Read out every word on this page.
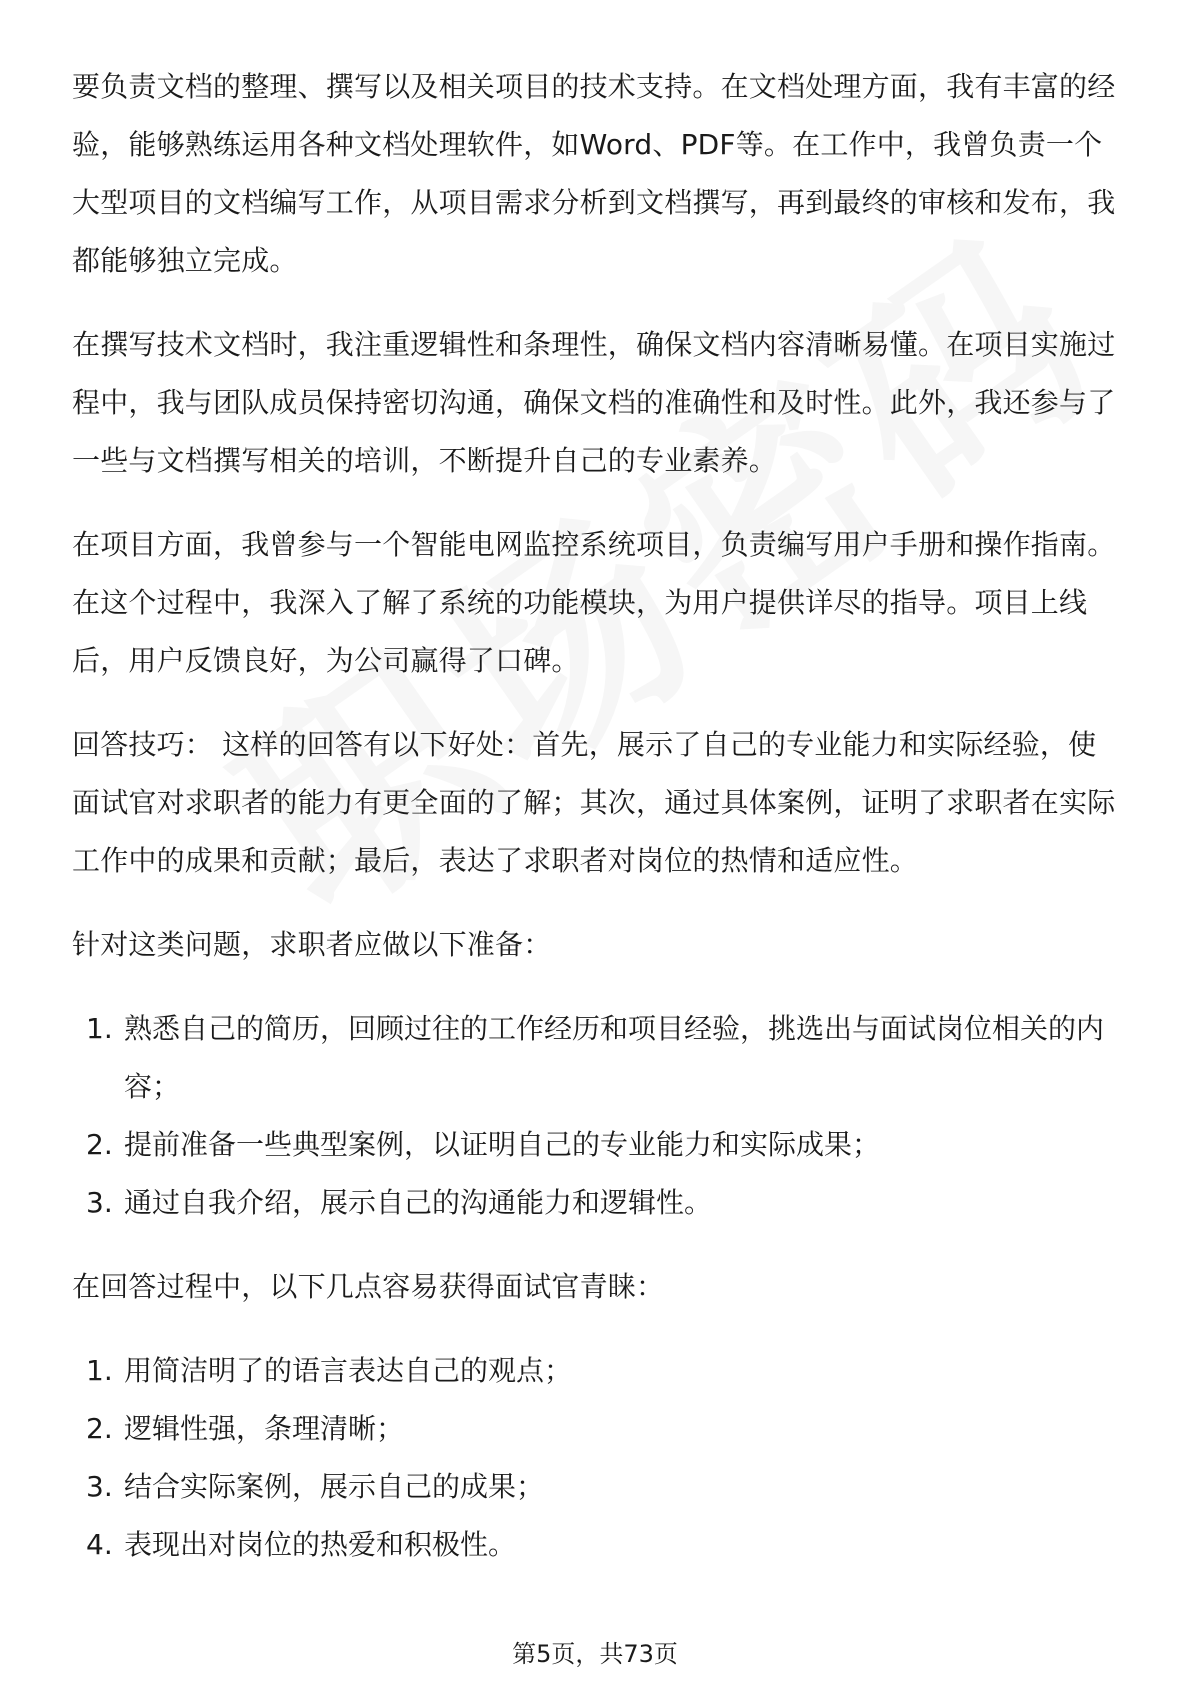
要负责文档的整理、撰写以及相关项目的技术支持。在文档处理方面，我有丰富的经验，能够熟练运用各种文档处理软件，如Word、PDF等。在工作中，我曾负责一个大型项目的文档编写工作，从项目需求分析到文档撰写，再到最终的审核和发布，我都能够独立完成。

在撰写技术文档时，我注重逻辑性和条理性，确保文档内容清晰易懂。在项目实施过程中，我与团队成员保持密切沟通，确保文档的准确性和及时性。此外，我还参与了一些与文档撰写相关的培训，不断提升自己的专业素养。

在项目方面，我曾参与一个智能电网监控系统项目，负责编写用户手册和操作指南。在这个过程中，我深入了解了系统的功能模块，为用户提供详尽的指导。项目上线后，用户反馈良好，为公司赢得了口碑。

回答技巧： 这样的回答有以下好处：首先，展示了自己的专业能力和实际经验，使面试官对求职者的能力有更全面的了解；其次，通过具体案例，证明了求职者在实际工作中的成果和贡献；最后，表达了求职者对岗位的热情和适应性。

针对这类问题，求职者应做以下准备：

1. 熟悉自己的简历，回顾过往的工作经历和项目经验，挑选出与面试岗位相关的内容；
2. 提前准备一些典型案例，以证明自己的专业能力和实际成果；
3. 通过自我介绍，展示自己的沟通能力和逻辑性。

在回答过程中，以下几点容易获得面试官青睐：

1. 用简洁明了的语言表达自己的观点；
2. 逻辑性强，条理清晰；
3. 结合实际案例，展示自己的成果；
4. 表现出对岗位的热爱和积极性。
第5页，共73页
